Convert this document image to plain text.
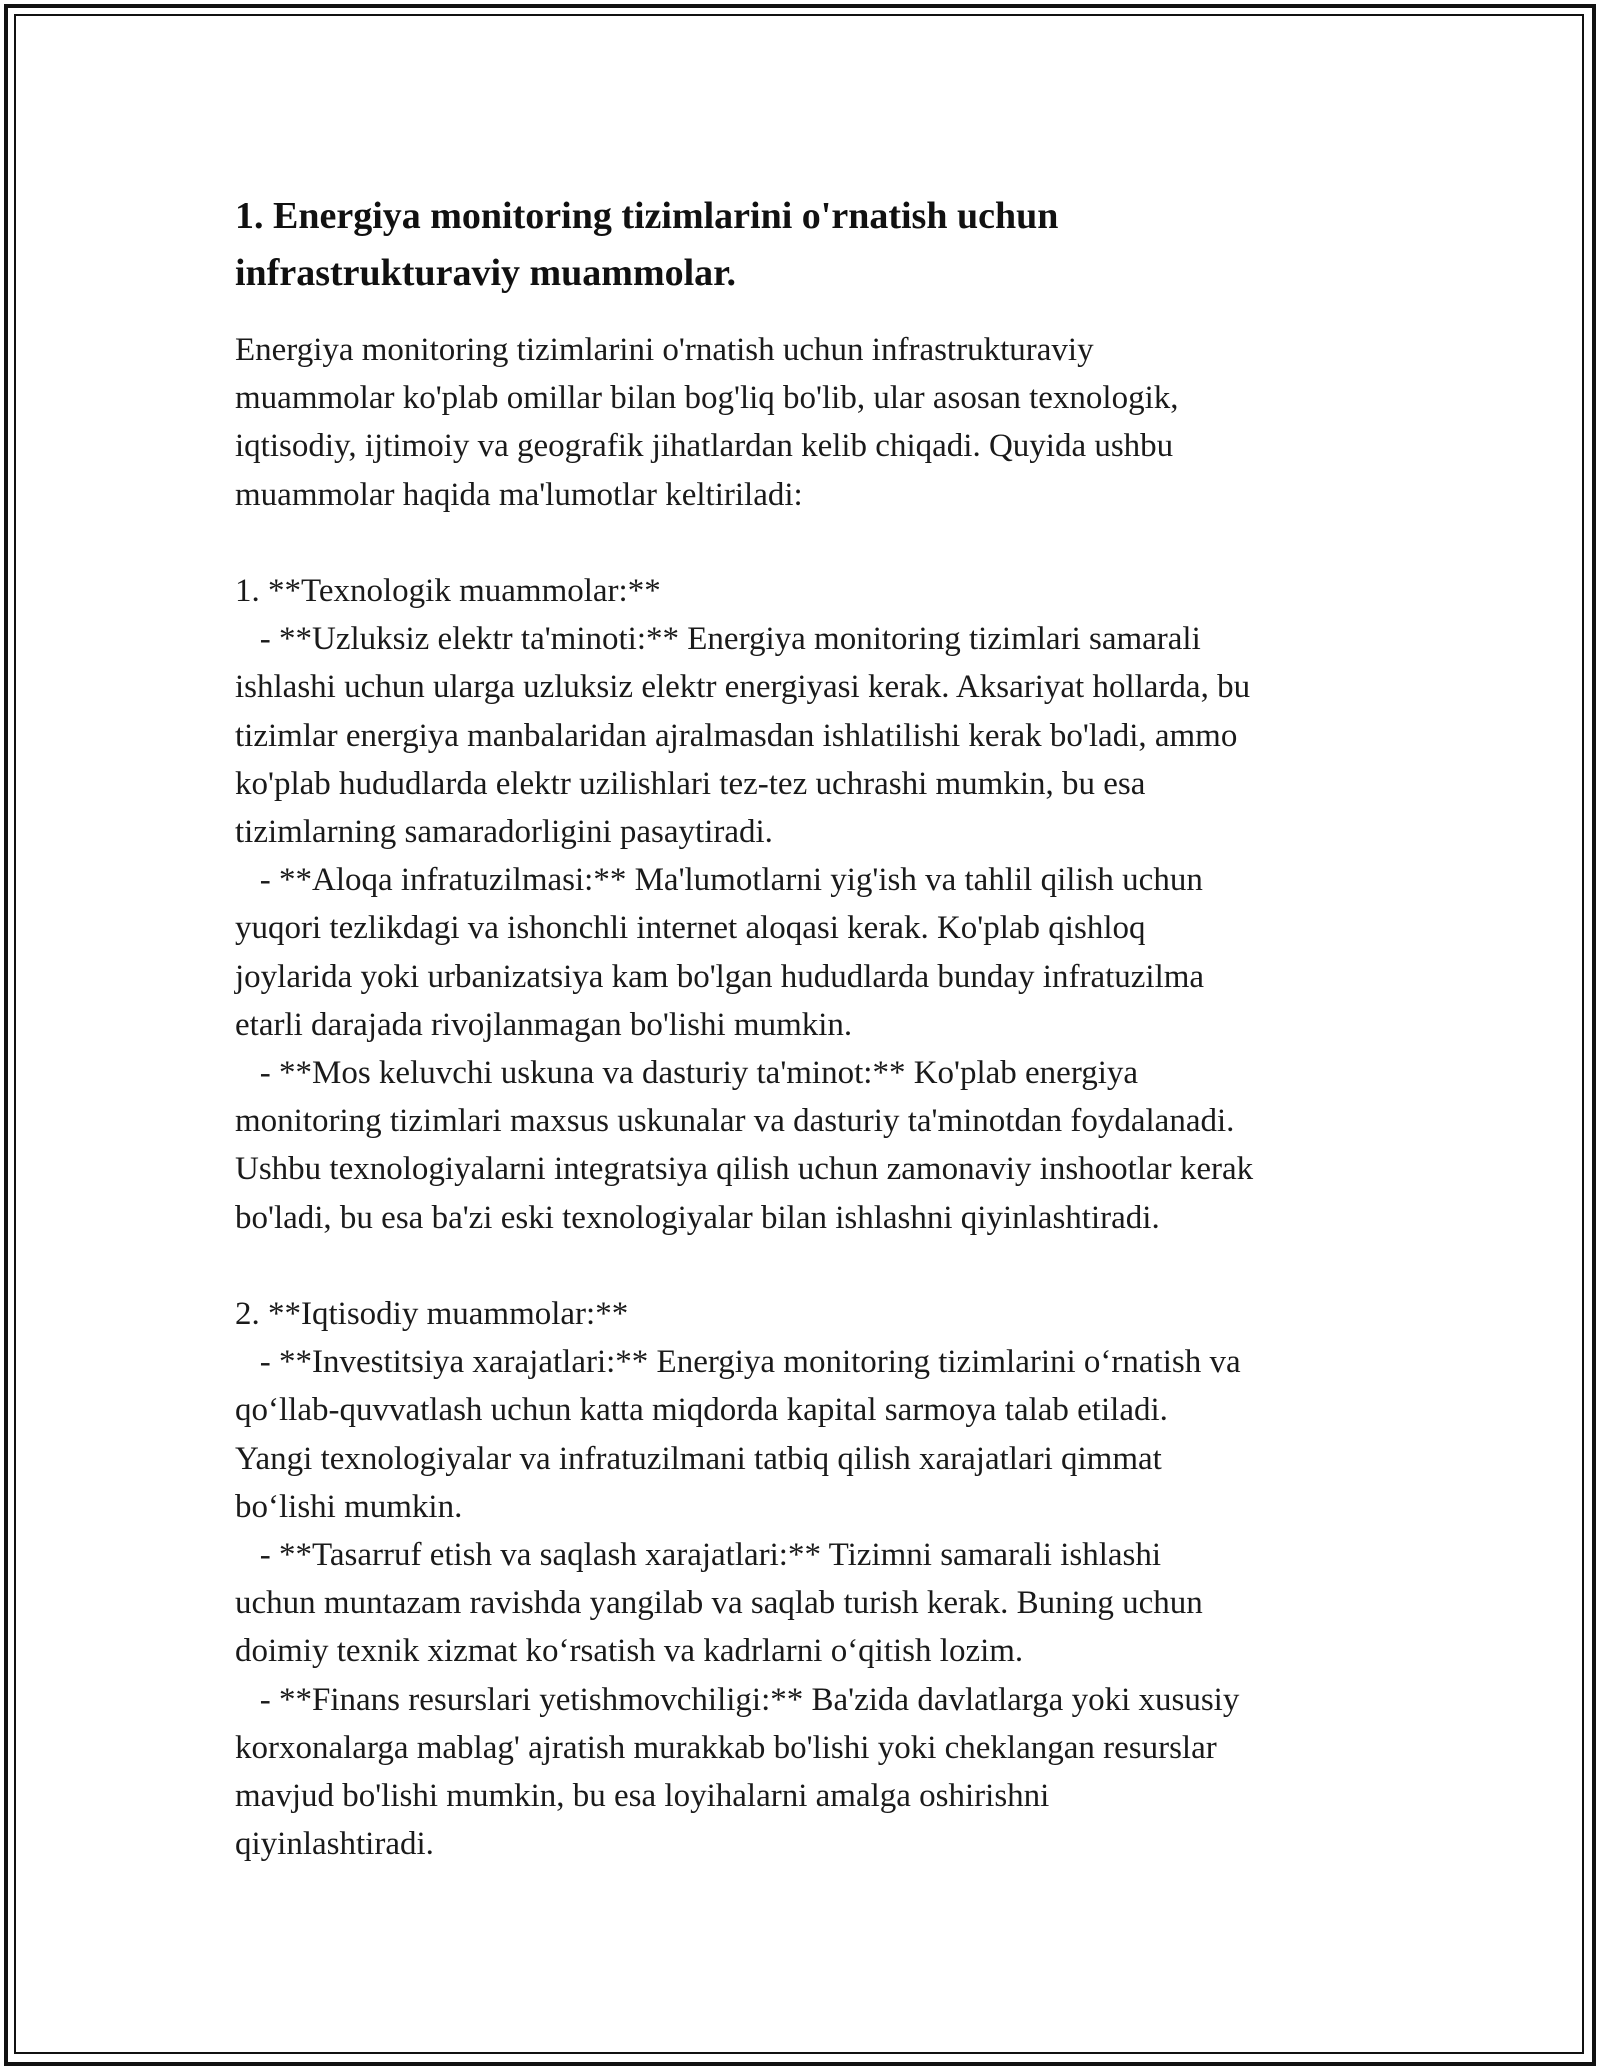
1. Energiya monitoring tizimlarini o'rnatish uchun
infrastrukturaviy muammolar.

Energiya monitoring tizimlarini o'rnatish uchun infrastrukturaviy
muammolar ko'plab omillar bilan bog'liq bo'lib, ular asosan texnologik,
iqtisodiy, ijtimoiy va geografik jihatlardan kelib chiqadi. Quyida ushbu
muammolar haqida ma'lumotlar keltiriladi:

1. **Texnologik muammolar:**

- **Uzluksiz elektr ta'minoti:** Energiya monitoring tizimlari samarali
ishlashi uchun ularga uzluksiz elektr energiyasi kerak. Aksariyat hollarda, bu
tizimlar energiya manbalaridan ajralmasdan ishlatilishi kerak bo'ladi, ammo
ko'plab hududlarda elektr uzilishlari tez-tez uchrashi mumkin, bu esa
tizimlarning samaradorligini pasaytiradi.

- **Aloqa infratuzilmasi:** Ma'lumotlarni yig'ish va tahlil qilish uchun
yuqori tezlikdagi va ishonchli internet aloqasi kerak. Ko'plab qishloq
joylarida yoki urbanizatsiya kam bo'lgan hududlarda bunday infratuzilma
etarli darajada rivojlanmagan bo'lishi mumkin.

- **Mos keluvchi uskuna va dasturiy ta'minot:** Ko'plab energiya
monitoring tizimlari maxsus uskunalar va dasturiy ta'minotdan foydalanadi.
Ushbu texnologiyalarni integratsiya qilish uchun zamonaviy inshootlar kerak
bo'ladi, bu esa ba'zi eski texnologiyalar bilan ishlashni qiyinlashtiradi.

2. **Iqtisodiy muammolar:**

- **Investitsiya xarajatlari:** Energiya monitoring tizimlarini oʻrnatish va
qoʻllab-quvvatlash uchun katta miqdorda kapital sarmoya talab etiladi.
Yangi texnologiyalar va infratuzilmani tatbiq qilish xarajatlari qimmat
boʻlishi mumkin.

- **Tasarruf etish va saqlash xarajatlari:** Tizimni samarali ishlashi
uchun muntazam ravishda yangilab va saqlab turish kerak. Buning uchun
doimiy texnik xizmat koʻrsatish va kadrlarni oʻqitish lozim.

- **Finans resurslari yetishmovchiligi:** Ba'zida davlatlarga yoki xususiy
korxonalarga mablag' ajratish murakkab bo'lishi yoki cheklangan resurslar
mavjud bo'lishi mumkin, bu esa loyihalarni amalga oshirishni
qiyinlashtiradi.
